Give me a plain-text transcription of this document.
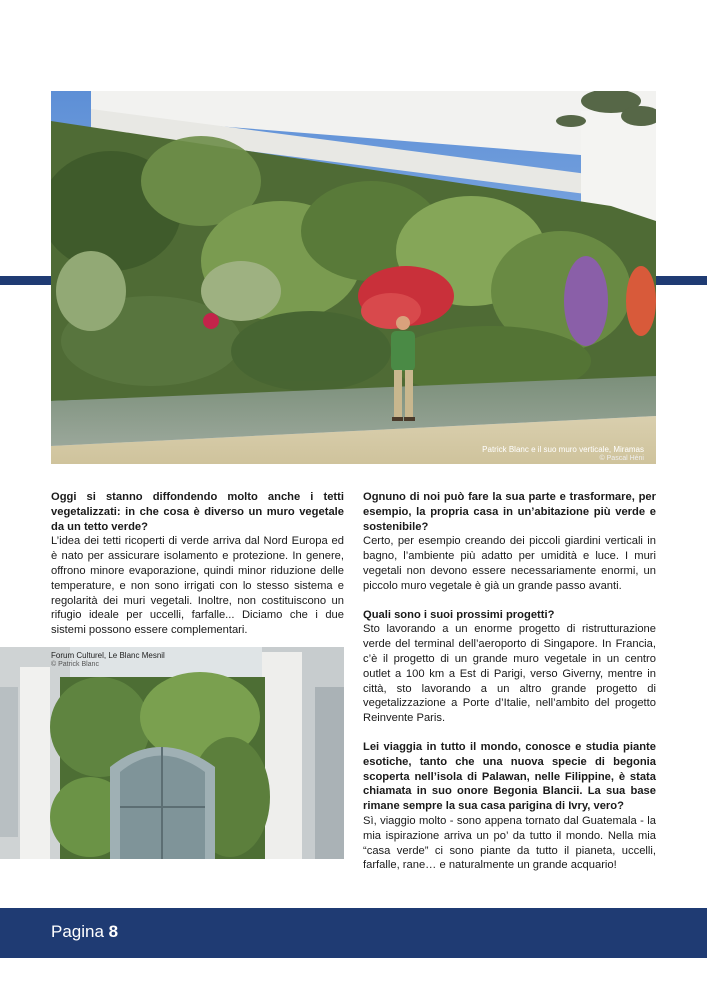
Patrick Blanc e il suo muro verticale, Miramas
© Pascal Héni

Oggi si stanno diffondendo molto anche i tetti vegetalizzati: in che cosa è diverso un muro vegetale da un tetto verde?

L’idea dei tetti ricoperti di verde arriva dal Nord Europa ed è nato per assicurare isolamento e protezione. In genere, offrono minore evaporazione, quindi minor riduzione delle temperature, e non sono irrigati con lo stesso sistema e regolarità dei muri vegetali. Inoltre, non costituiscono un rifugio ideale per uccelli, farfalle... Diciamo che i due sistemi possono essere complementari.

Forum Culturel, Le Blanc Mesnil
© Patrick Blanc

Ognuno di noi può fare la sua parte e trasformare, per esempio, la propria casa in un’abitazione più verde e sostenibile?

Certo, per esempio creando dei piccoli giardini verticali in bagno, l’ambiente più adatto per umidità e luce. I muri vegetali non devono essere necessariamente enormi, un piccolo muro vegetale è già un grande passo avanti.

Quali sono i suoi prossimi progetti?

Sto lavorando a un enorme progetto di ristrutturazione verde del terminal dell’aeroporto di Singapore. In Francia, c’è il progetto di un grande muro vegetale in un centro outlet a 100 km a Est di Parigi, verso Giverny, mentre in città, sto lavorando a un altro grande progetto di vegetalizzazione a Porte d’Italie, nell’ambito del progetto Reinvente Paris.

Lei viaggia in tutto il mondo, conosce e studia piante esotiche, tanto che una nuova specie di begonia scoperta nell’isola di Palawan, nelle Filippine, è stata chiamata in suo onore Begonia Blancii. La sua base rimane sempre la sua casa parigina di Ivry, vero?

Sì, viaggio molto - sono appena tornato dal Guatemala - la mia ispirazione arriva un po’ da tutto il mondo. Nella mia “casa verde” ci sono piante da tutto il pianeta, uccelli, farfalle, rane… e naturalmente un grande acquario!

Pagina 8
